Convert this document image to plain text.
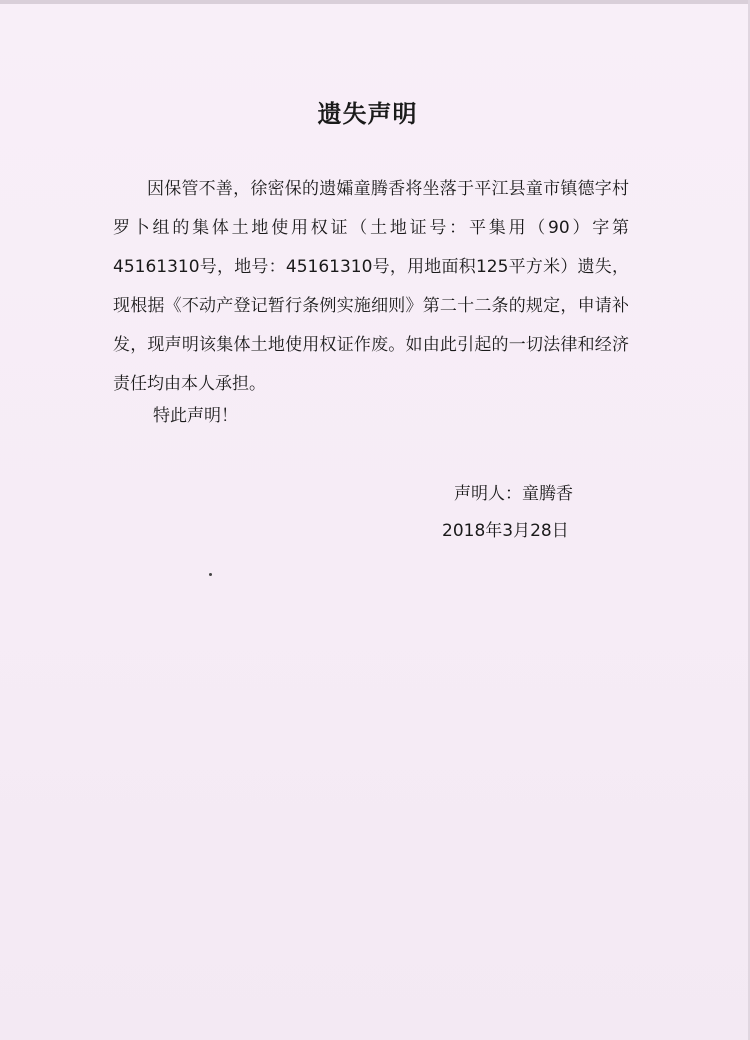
遗失声明

因保管不善，徐密保的遗孀童腾香将坐落于平江县童市镇德字村罗卜组的集体土地使用权证（土地证号：平集用（90）字第45161310号，地号：45161310号，用地面积125平方米）遗失，现根据《不动产登记暂行条例实施细则》第二十二条的规定，申请补发，现声明该集体土地使用权证作废。如由此引起的一切法律和经济责任均由本人承担。

特此声明！
声明人：童腾香
2018年3月28日
